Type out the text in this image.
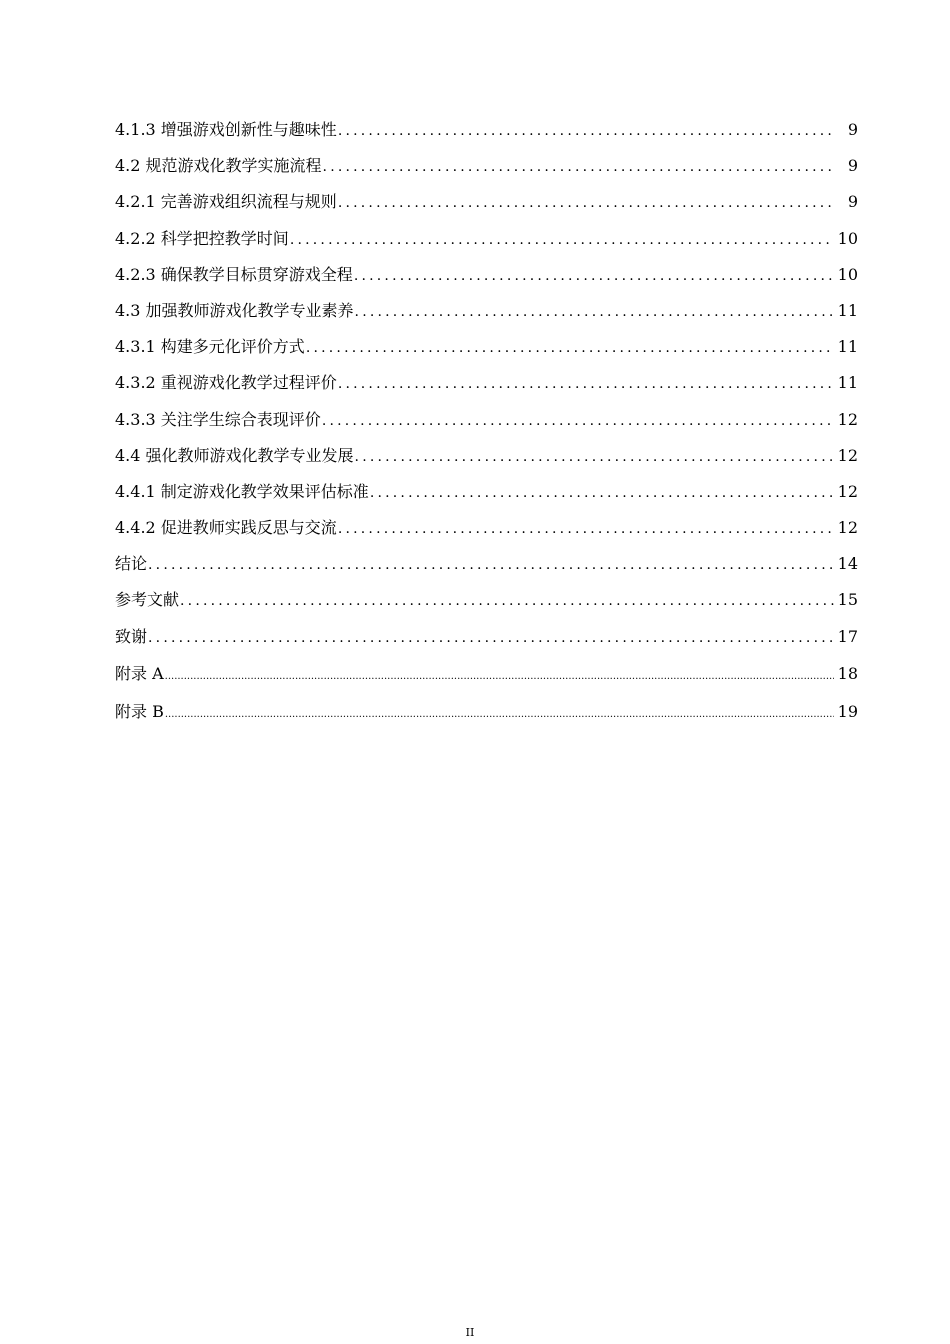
4.1.3 增强游戏创新性与趣味性 .....	9
4.2 规范游戏化教学实施流程 .....	9
4.2.1 完善游戏组织流程与规则 .....	9
4.2.2 科学把控教学时间 .....	10
4.2.3 确保教学目标贯穿游戏全程 .....	10
4.3 加强教师游戏化教学专业素养 .....	11
4.3.1 构建多元化评价方式 .....	11
4.3.2 重视游戏化教学过程评价 .....	11
4.3.3 关注学生综合表现评价 .....	12
4.4 强化教师游戏化教学专业发展 .....	12
4.4.1 制定游戏化教学效果评估标准 .....	12
4.4.2 促进教师实践反思与交流 .....	12
结论 .....	14
参考文献 .....	15
致谢 .....	17
附录 A .....	18
附录 B .....	19
II
